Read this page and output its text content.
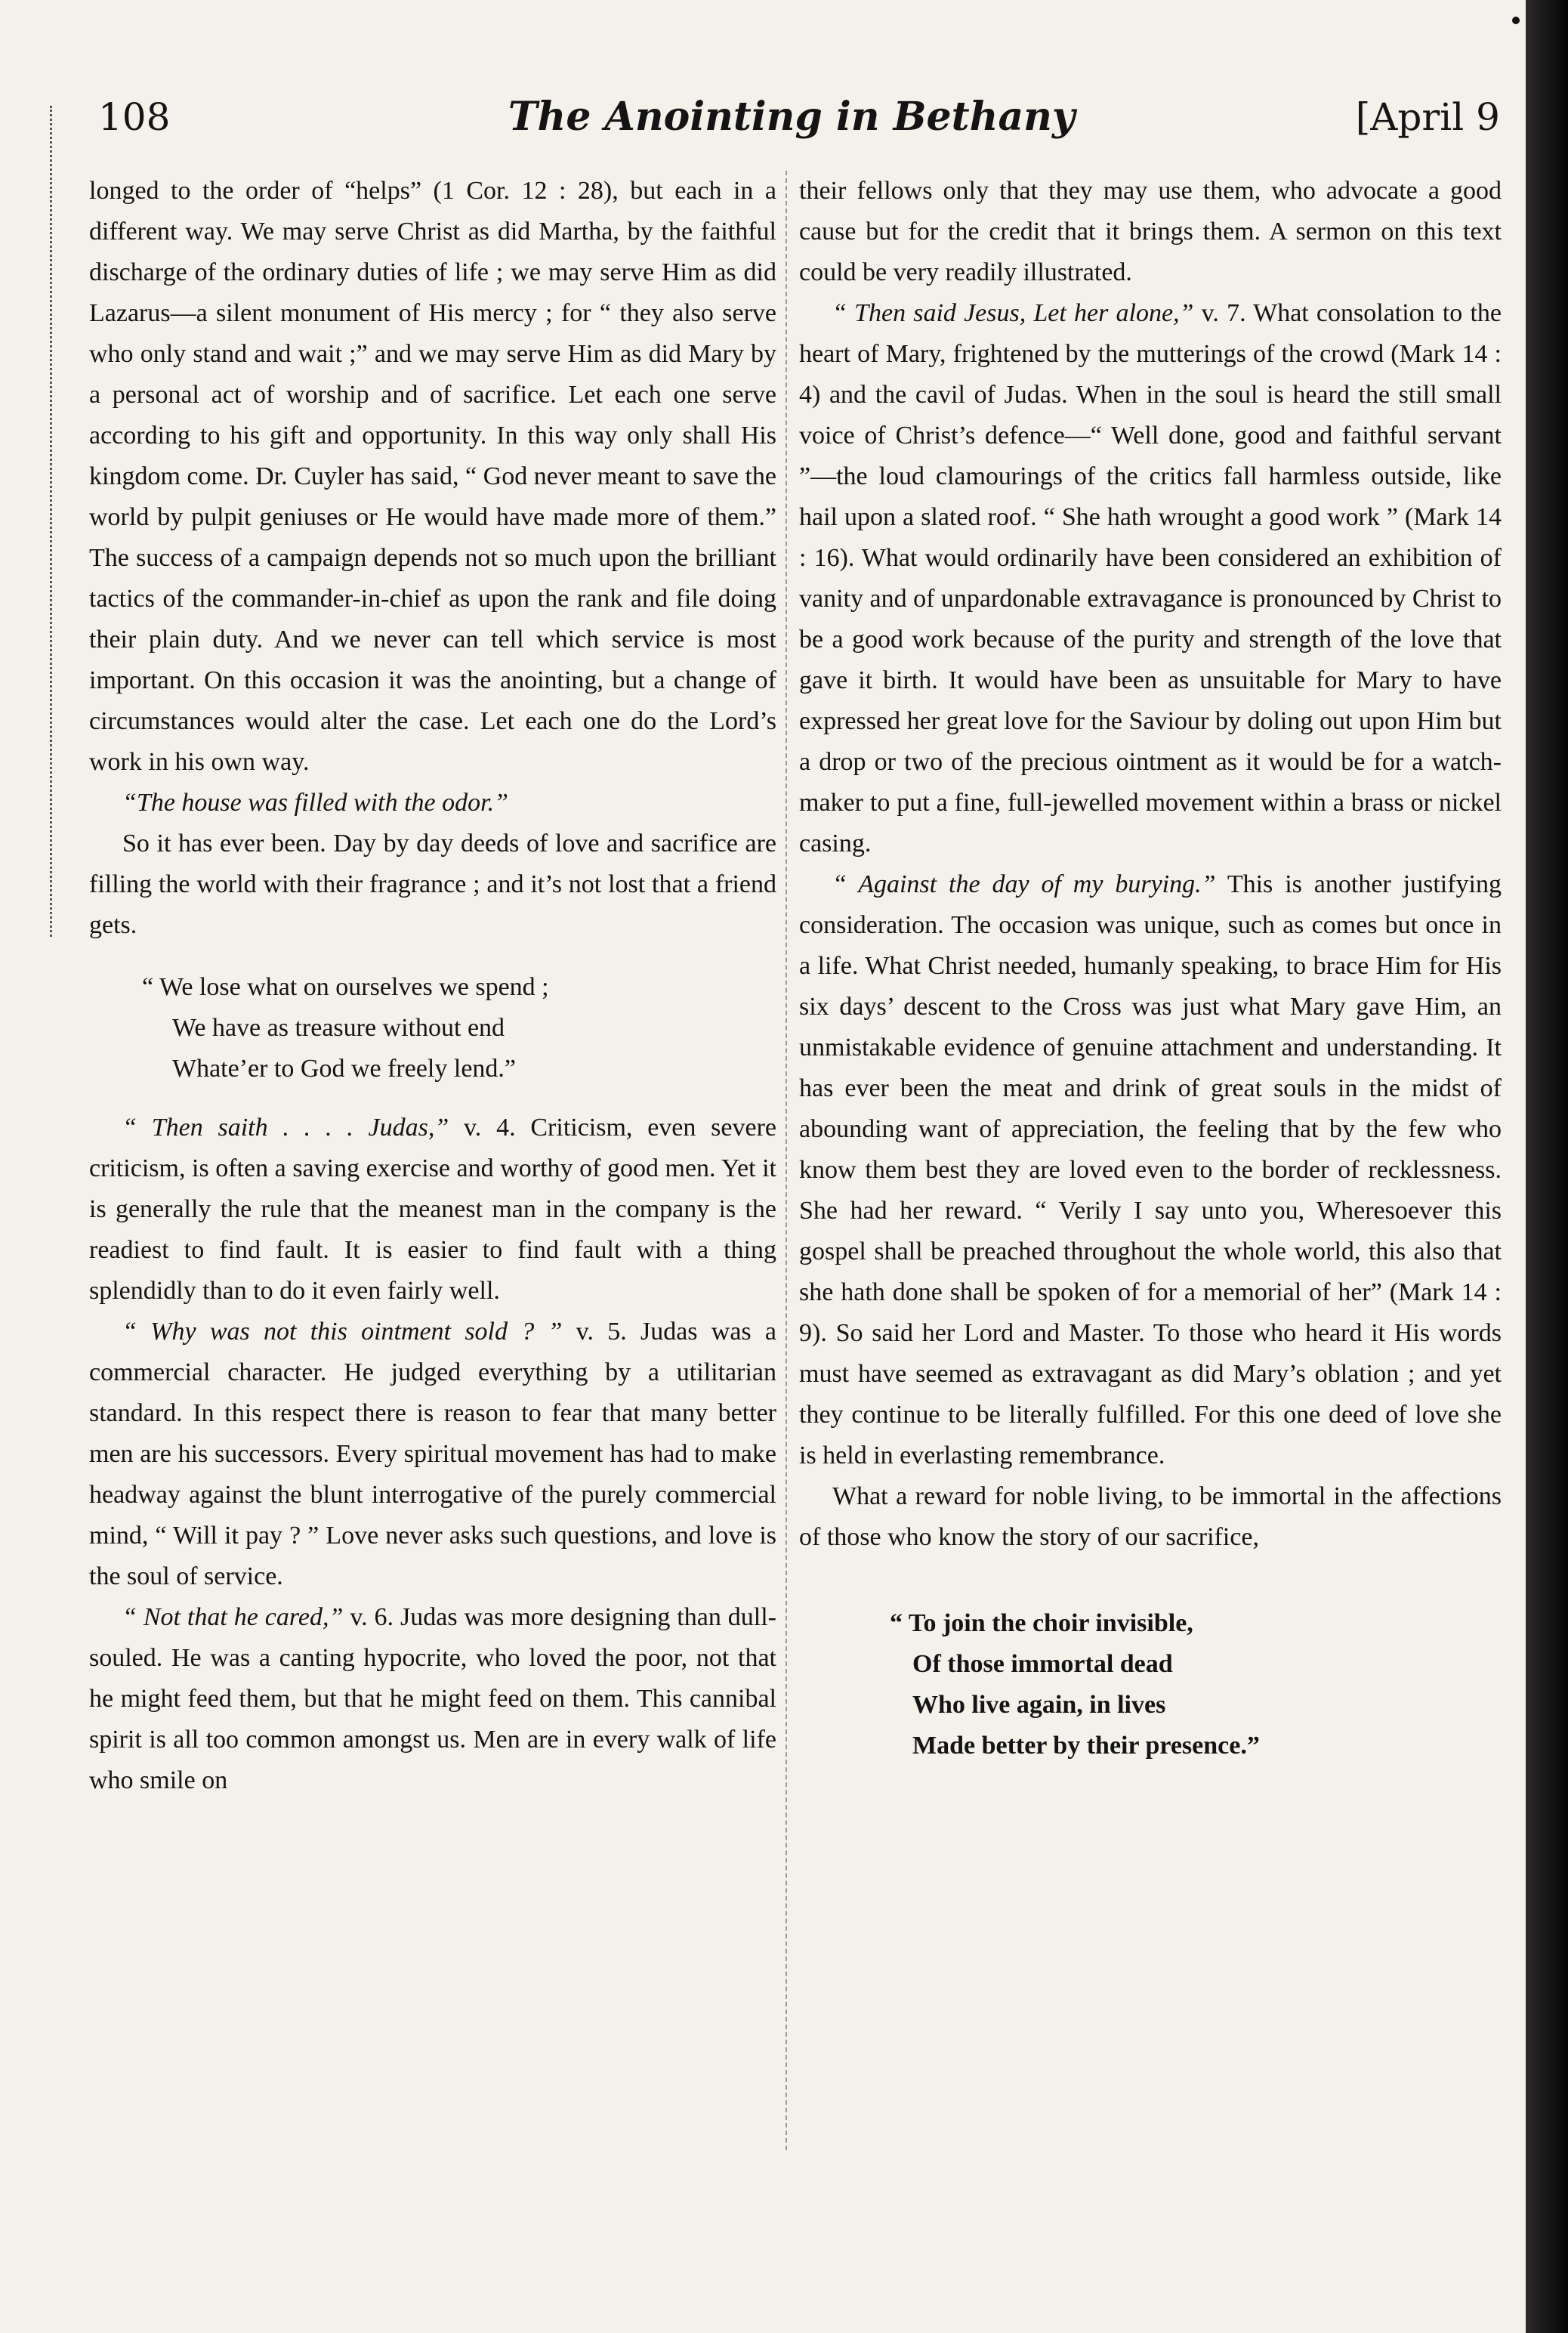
108	The Anointing in Bethany	[April 9

longed to the order of “helps” (1 Cor. 12 : 28), but each in a different way. We may serve Christ as did Martha, by the faithful discharge of the ordinary duties of life ; we may serve Him as did Lazarus—a silent monument of His mercy ; for “ they also serve who only stand and wait ;” and we may serve Him as did Mary by a personal act of worship and of sacrifice. Let each one serve according to his gift and opportunity. In this way only shall His kingdom come. Dr. Cuyler has said, “ God never meant to save the world by pulpit geniuses or He would have made more of them.” The success of a campaign depends not so much upon the brilliant tactics of the commander-in-chief as upon the rank and file doing their plain duty. And we never can tell which service is most important. On this occasion it was the anointing, but a change of circumstances would alter the case. Let each one do the Lord’s work in his own way.

“The house was filled with the odor.”

So it has ever been. Day by day deeds of love and sacrifice are filling the world with their fragrance ; and it’s not lost that a friend gets.

“ We lose what on ourselves we spend ;

We have as treasure without end

Whate’er to God we freely lend.”

“ Then saith . . . . Judas,” v. 4. Criticism, even severe criticism, is often a saving exercise and worthy of good men. Yet it is generally the rule that the meanest man in the company is the readiest to find fault. It is easier to find fault with a thing splendidly than to do it even fairly well.

“ Why was not this ointment sold ? ” v. 5. Judas was a commercial character. He judged everything by a utilitarian standard. In this respect there is reason to fear that many better men are his successors. Every spiritual movement has had to make headway against the blunt interrogative of the purely commercial mind, “ Will it pay ? ” Love never asks such questions, and love is the soul of service.

“ Not that he cared,” v. 6. Judas was more designing than dull-souled. He was a canting hypocrite, who loved the poor, not that he might feed them, but that he might feed on them. This cannibal spirit is all too common amongst us. Men are in every walk of life who smile on

their fellows only that they may use them, who advocate a good cause but for the credit that it brings them. A sermon on this text could be very readily illustrated.

“ Then said Jesus, Let her alone,” v. 7. What consolation to the heart of Mary, frightened by the mutterings of the crowd (Mark 14 : 4) and the cavil of Judas. When in the soul is heard the still small voice of Christ’s defence—“ Well done, good and faithful servant ”—the loud clamourings of the critics fall harmless outside, like hail upon a slated roof. “ She hath wrought a good work ” (Mark 14 : 16). What would ordinarily have been considered an exhibition of vanity and of unpardonable extravagance is pronounced by Christ to be a good work because of the purity and strength of the love that gave it birth. It would have been as unsuitable for Mary to have expressed her great love for the Saviour by doling out upon Him but a drop or two of the precious ointment as it would be for a watch-maker to put a fine, full-jewelled movement within a brass or nickel casing.

“ Against the day of my burying.” This is another justifying consideration. The occasion was unique, such as comes but once in a life. What Christ needed, humanly speaking, to brace Him for His six days’ descent to the Cross was just what Mary gave Him, an unmistakable evidence of genuine attachment and understanding. It has ever been the meat and drink of great souls in the midst of abounding want of appreciation, the feeling that by the few who know them best they are loved even to the border of recklessness. She had her reward. “ Verily I say unto you, Wheresoever this gospel shall be preached throughout the whole world, this also that she hath done shall be spoken of for a memorial of her” (Mark 14 : 9). So said her Lord and Master. To those who heard it His words must have seemed as extravagant as did Mary’s oblation ; and yet they continue to be literally fulfilled. For this one deed of love she is held in everlasting remembrance.

What a reward for noble living, to be immortal in the affections of those who know the story of our sacrifice,

“ To join the choir invisible,

Of those immortal dead

Who live again, in lives

Made better by their presence.”
